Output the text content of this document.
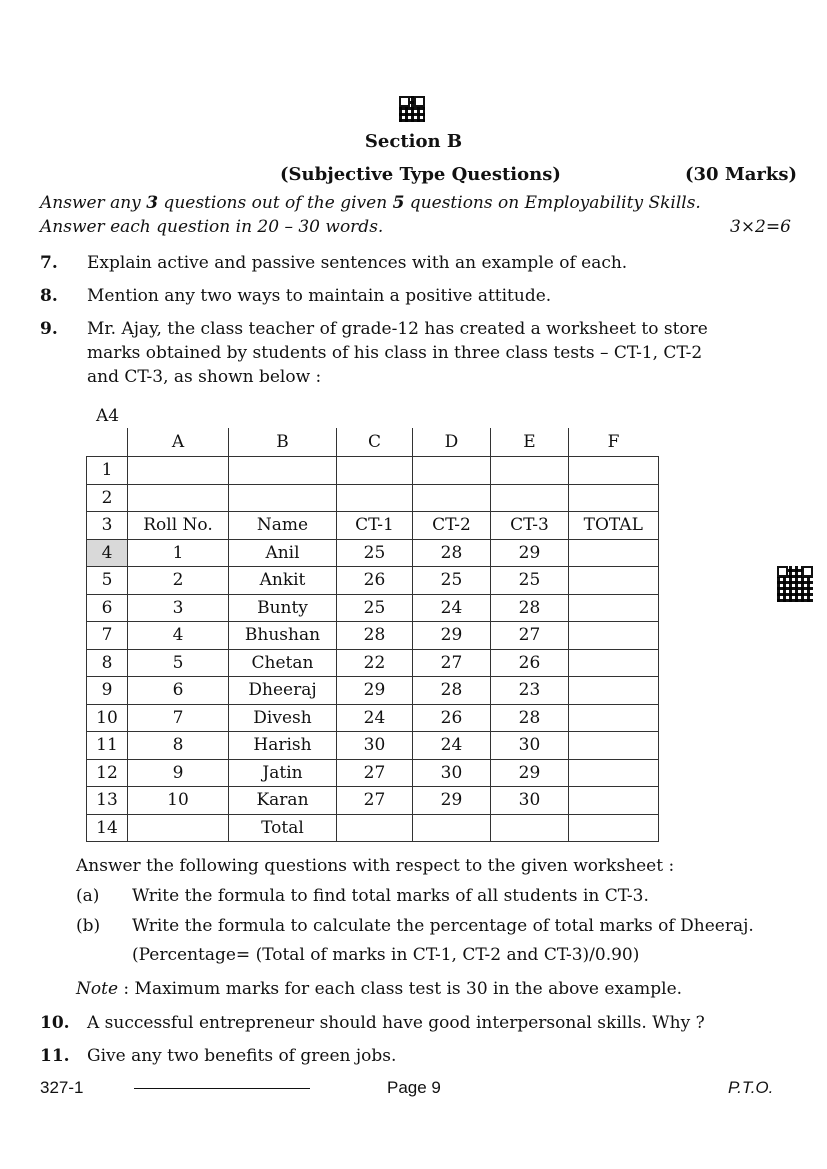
Section B
(Subjective Type Questions)	(30 Marks)
Answer any 3 questions out of the given 5 questions on Employability Skills.
Answer each question in 20 – 30 words.	3×2=6
7. Explain active and passive sentences with an example of each.
8. Mention any two ways to maintain a positive attitude.
9. Mr. Ajay, the class teacher of grade-12 has created a worksheet to store
marks obtained by students of his class in three class tests – CT-1, CT-2
and CT-3, as shown below :
A4
	A	B	C	D	E	F
1						
2						
3	Roll No.	Name	CT-1	CT-2	CT-3	TOTAL
4	1	Anil	25	28	29	
5	2	Ankit	26	25	25	
6	3	Bunty	25	24	28	
7	4	Bhushan	28	29	27	
8	5	Chetan	22	27	26	
9	6	Dheeraj	29	28	23	
10	7	Divesh	24	26	28	
11	8	Harish	30	24	30	
12	9	Jatin	27	30	29	
13	10	Karan	27	29	30	
14		Total				
Answer the following questions with respect to the given worksheet :
(a) Write the formula to find total marks of all students in CT-3.
(b) Write the formula to calculate the percentage of total marks of Dheeraj.
(Percentage= (Total of marks in CT-1, CT-2 and CT-3)/0.90)
Note : Maximum marks for each class test is 30 in the above example.
10. A successful entrepreneur should have good interpersonal skills. Why ?
11. Give any two benefits of green jobs.
327-1	Page 9	P.T.O.
